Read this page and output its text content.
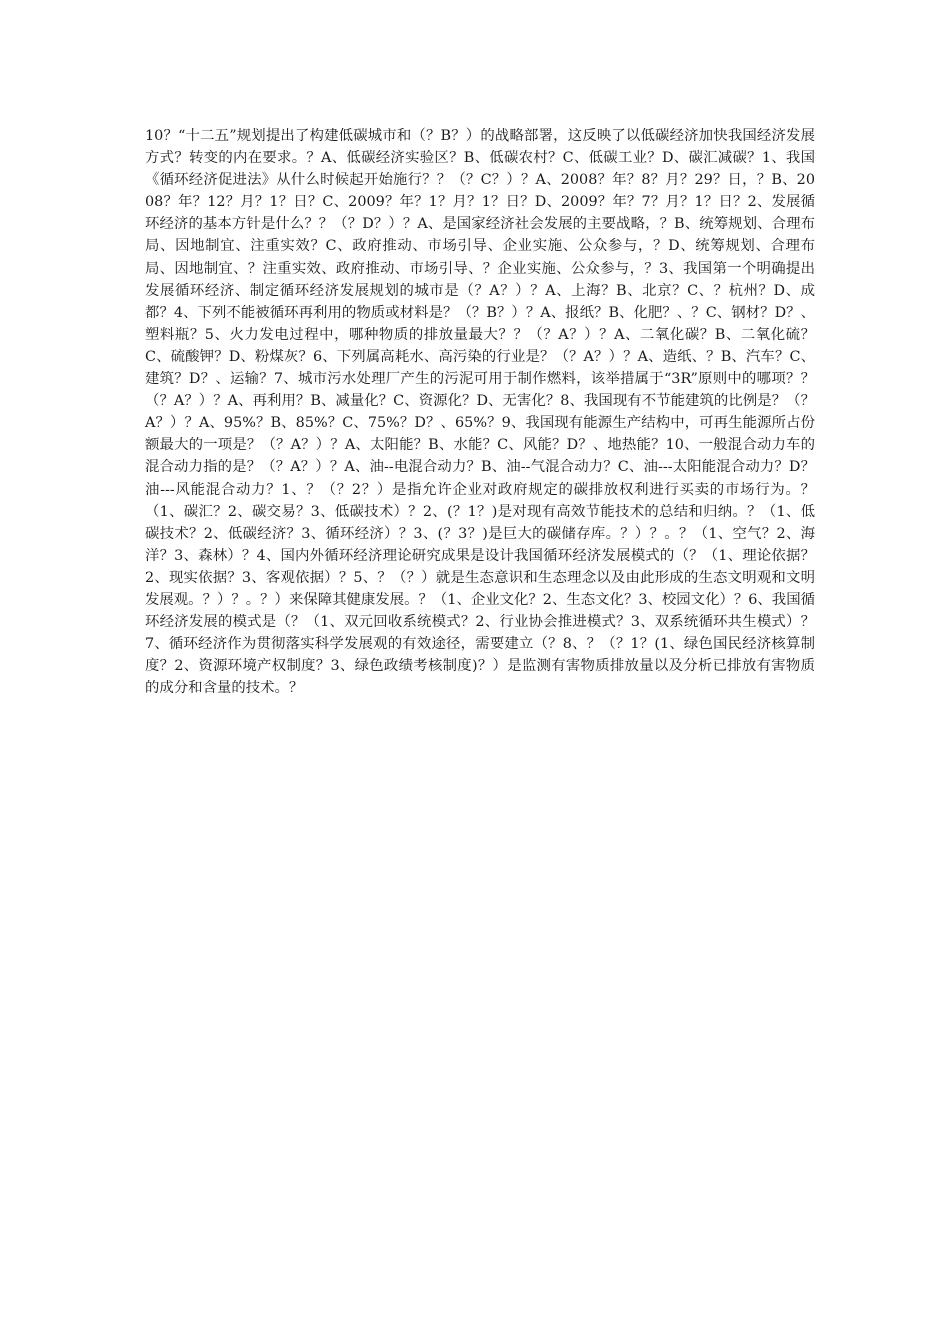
10？“十二五”规划提出了构建低碳城市和（？B？）的战略部署，这反映了以低碳经济加快我国经济发展方式？转变的内在要求。？A、低碳经济实验区？B、低碳农村？C、低碳工业？D、碳汇减碳？1、我国《循环经济促进法》从什么时候起开始施行？？（？C？）？A、2008？年？8？月？29？日，？B、2008？年？12？月？1？日？C、2009？年？1？月？1？日？D、2009？年？7？月？1？日？2、发展循环经济的基本方针是什么？？（？D？）？A、是国家经济社会发展的主要战略，？B、统筹规划、合理布局、因地制宜、注重实效？C、政府推动、市场引导、企业实施、公众参与，？D、统筹规划、合理布局、因地制宜、？注重实效、政府推动、市场引导、？企业实施、公众参与，？3、我国第一个明确提出发展循环经济、制定循环经济发展规划的城市是（？A？）？A、上海？B、北京？C、？杭州？D、成都？4、下列不能被循环再利用的物质或材料是？（？B？）？A、报纸？B、化肥？、？C、钢材？D？、塑料瓶？5、火力发电过程中，哪种物质的排放量最大？？（？A？）？A、二氧化碳？B、二氧化硫？C、硫酸钾？D、粉煤灰？6、下列属高耗水、高污染的行业是？（？A？）？A、造纸、？B、汽车？C、建筑？D？、运输？7、城市污水处理厂产生的污泥可用于制作燃料，该举措属于“3R”原则中的哪项？？（？A？）？A、再利用？B、减量化？C、资源化？D、无害化？8、我国现有不节能建筑的比例是？（？A？）？A、95%？B、85%？C、75%？D？、65%？9、我国现有能源生产结构中，可再生能源所占份额最大的一项是？（？A？）？A、太阳能？B、水能？C、风能？D？、地热能？10、一般混合动力车的混合动力指的是？（？A？）？A、油--电混合动力？B、油--气混合动力？C、油---太阳能混合动力？D？油---风能混合动力？1、？（？2？）是指允许企业对政府规定的碳排放权利进行买卖的市场行为。？（1、碳汇？2、碳交易？3、低碳技术）？2、(？1？)是对现有高效节能技术的总结和归纳。？（1、低碳技术？2、低碳经济？3、循环经济）？3、(？3？)是巨大的碳储存库。？）？。？（1、空气？2、海洋？3、森林）？4、国内外循环经济理论研究成果是设计我国循环经济发展模式的（？（1、理论依据？2、现实依据？3、客观依据）？5、？（？）就是生态意识和生态理念以及由此形成的生态文明观和文明发展观。？）？。？）来保障其健康发展。？（1、企业文化？2、生态文化？3、校园文化）？6、我国循环经济发展的模式是（？（1、双元回收系统模式？2、行业协会推进模式？3、双系统循环共生模式）？7、循环经济作为贯彻落实科学发展观的有效途径，需要建立（？8、？（？1？(1、绿色国民经济核算制度？2、资源环境产权制度？3、绿色政绩考核制度)？）是监测有害物质排放量以及分析已排放有害物质的成分和含量的技术。？
